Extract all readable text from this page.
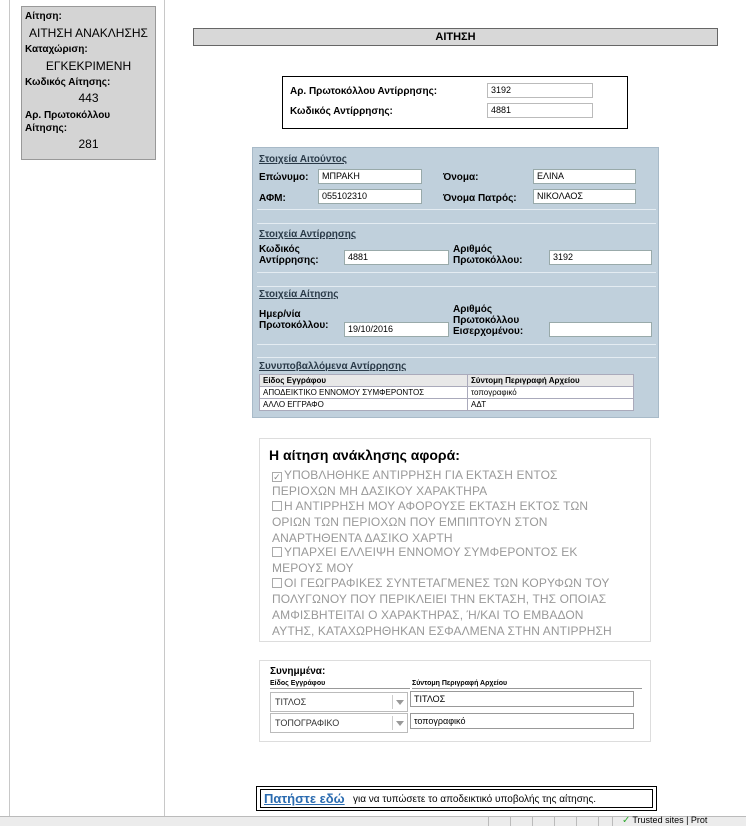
Αίτηση:
ΑΙΤΗΣΗ ΑΝΑΚΛΗΣΗΣ
Καταχώριση:
ΕΓΚΕΚΡΙΜΕΝΗ
Κωδικός Αίτησης:
443
Αρ. Πρωτοκόλλου Αίτησης:
281
ΑΙΤΗΣΗ
Αρ. Πρωτοκόλλου Αντίρρησης:	3192
Κωδικός Αντίρρησης:	4881
Στοιχεία Αιτούντος
Επώνυμο:	ΜΠΡΑΚΗ	Όνομα:	ΕΛΙΝΑ
ΑΦΜ:	055102310	Όνομα Πατρός:	ΝΙΚΟΛΑΟΣ
Στοιχεία Αντίρρησης
Κωδικός Αντίρρησης:	4881
Αριθμός Πρωτοκόλλου:	3192
Στοιχεία Αίτησης
Ημερ/νία Πρωτοκόλλου:	19/10/2016
Αριθμός Πρωτοκόλλου Εισερχομένου:
Συνυποβαλλόμενα Αντίρρησης
Είδος Εγγράφου	Σύντομη Περιγραφή Αρχείου
ΑΠΟΔΕΙΚΤΙΚΟ ΕΝΝΟΜΟΥ ΣΥΜΦΕΡΟΝΤΟΣ	τοπογραφικό
ΑΛΛΟ ΕΓΓΡΑΦΟ	ΑΔΤ
Η αίτηση ανάκλησης αφορά:
✓ ΥΠΟΒΛΗΘΗΚΕ ΑΝΤΙΡΡΗΣΗ ΓΙΑ ΕΚΤΑΣΗ ΕΝΤΟΣ
ΠΕΡΙΟΧΩΝ ΜΗ ΔΑΣΙΚΟΥ ΧΑΡΑΚΤΗΡΑ
Η ΑΝΤΙΡΡΗΣΗ ΜΟΥ ΑΦΟΡΟΥΣΕ ΕΚΤΑΣΗ ΕΚΤΟΣ ΤΩΝ
ΟΡΙΩΝ ΤΩΝ ΠΕΡΙΟΧΩΝ ΠΟΥ ΕΜΠΙΠΤΟΥΝ ΣΤΟΝ
ΑΝΑΡΤΗΘΕΝΤΑ ΔΑΣΙΚΟ ΧΑΡΤΗ
ΥΠΑΡΧΕΙ ΕΛΛΕΙΨΗ ΕΝΝΟΜΟΥ ΣΥΜΦΕΡΟΝΤΟΣ ΕΚ
ΜΕΡΟΥΣ ΜΟΥ
ΟΙ ΓΕΩΓΡΑΦΙΚΕΣ ΣΥΝΤΕΤΑΓΜΕΝΕΣ ΤΩΝ ΚΟΡΥΦΩΝ ΤΟΥ
ΠΟΛΥΓΩΝΟΥ ΠΟΥ ΠΕΡΙΚΛΕΙΕΙ ΤΗΝ ΕΚΤΑΣΗ, ΤΗΣ ΟΠΟΙΑΣ
ΑΜΦΙΣΒΗΤΕΙΤΑΙ Ο ΧΑΡΑΚΤΗΡΑΣ, Ή/ΚΑΙ ΤΟ ΕΜΒΑΔΟΝ
ΑΥΤΗΣ, ΚΑΤΑΧΩΡΗΘΗΚΑΝ ΕΣΦΑΛΜΕΝΑ ΣΤΗΝ ΑΝΤΙΡΡΗΣΗ
Συνημμένα:
Είδος Εγγράφου	Σύντομη Περιγραφή Αρχείου
ΤΙΤΛΟΣ	ΤΙΤΛΟΣ
ΤΟΠΟΓΡΑΦΙΚΟ	τοπογραφικό
Πατήστε εδώ για να τυπώσετε το αποδεικτικό υποβολής της αίτησης.
✓ Trusted sites | Prot
